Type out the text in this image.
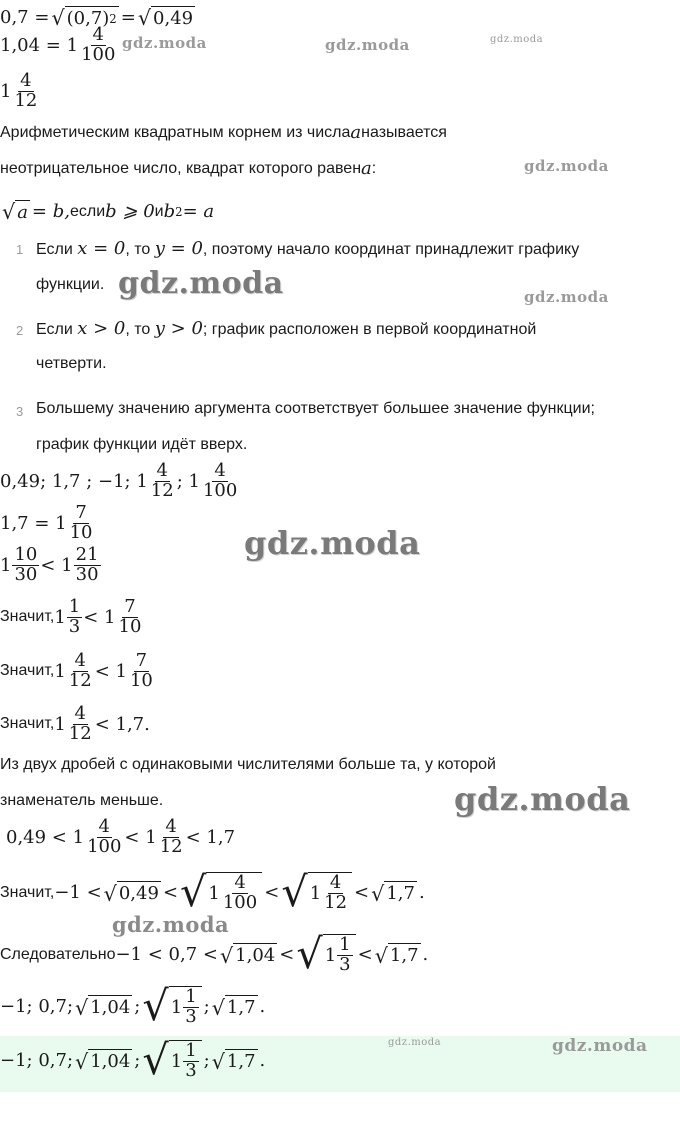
0,7 = √ (0,7) 2 = √ 0,49
$1,04 = 1 \frac{4}{100}$
$1 \frac{4}{12}$
Арифметическим квадратным корнем из числа a называется
неотрицательное число, квадрат которого равен a :
√ a = b, если b ⩾ 0 и b 2 = a
1 Если x = 0, то y = 0, поэтому начало координат принадлежит графику
функции.
2 Если x > 0, то y > 0; график расположен в первой координатной
четверти.
3 Большему значению аргумента соответствует большее значение функции;
график функции идёт вверх.
0,49; 1,7 ; −1; $1 \frac{4}{12}$ ; $1 \frac{4}{100}$
$1,7 = 1 \frac{7}{10}$
$1 \frac{10}{30} < 1 \frac{21}{30}$
Значит, $1 \frac{1}{3} < 1 \frac{7}{10}$
Значит, $1 \frac{4}{12} < 1 \frac{7}{10}$
Значит, $1 \frac{4}{12} < 1,7$.
Из двух дробей с одинаковыми числителями больше та, у которой
знаменатель меньше.
$0,49 < 1 \frac{4}{100} < 1 \frac{4}{12} < 1,7$
Значит, −1 < √ 0,49 < √ $1 \frac{4}{100}$ < √ $1 \frac{4}{12}$ < √ 1,7 .
Следовательно −1 < 0,7 < √ 1,04 < √ $1 \frac{1}{3}$ < √ 1,7 .
−1; 0,7; √ 1,04 ; √ $1 \frac{1}{3}$ ; √ 1,7 .
−1; 0,7; √ 1,04 ; √ $1 \frac{1}{3}$ ; √ 1,7 .
gdz.moda	gdz.moda	gdz.moda
gdz.moda
gdz.moda	gdz.moda
gdz.moda
gdz.moda
gdz.moda
gdz.moda	gdz.moda
